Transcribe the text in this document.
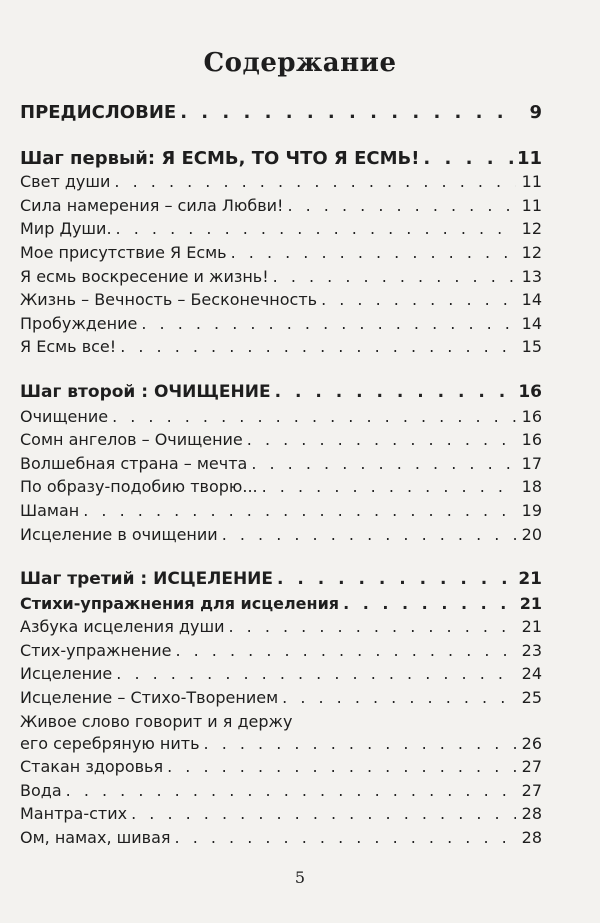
Содержание
ПРЕДИСЛОВИЕ . . .	9
Шаг первый: Я ЕСМЬ, ТО ЧТО Я ЕСМЬ! . . .	11
Свет души . . .	11
Сила намерения – сила Любви! . . .	11
Мир Души. . . .	12
Мое присутствие Я Есмь . . .	12
Я есмь воскресение и жизнь! . . .	13
Жизнь – Вечность – Бесконечность . . .	14
Пробуждение . . .	14
Я Есмь все! . . .	15
Шаг второй : ОЧИЩЕНИЕ . . .	16
Очищение . . .	16
Сомн ангелов – Очищение . . .	16
Волшебная страна – мечта . . .	17
По образу-подобию творю... . . .	18
Шаман . . .	19
Исцеление в очищении . . .	20
Шаг третий : ИСЦЕЛЕНИЕ . . .	21
Стихи-упражнения для исцеления . . .	21
Азбука исцеления души . . .	21
Стих-упражнение . . .	23
Исцеление . . .	24
Исцеление – Стихо-Творением . . .	25
Живое слово говорит и я держу
его серебряную нить . . .	26
Стакан здоровья . . .	27
Вода . . .	27
Мантра-стих . . .	28
Ом, намах, шивая . . .	28
5
